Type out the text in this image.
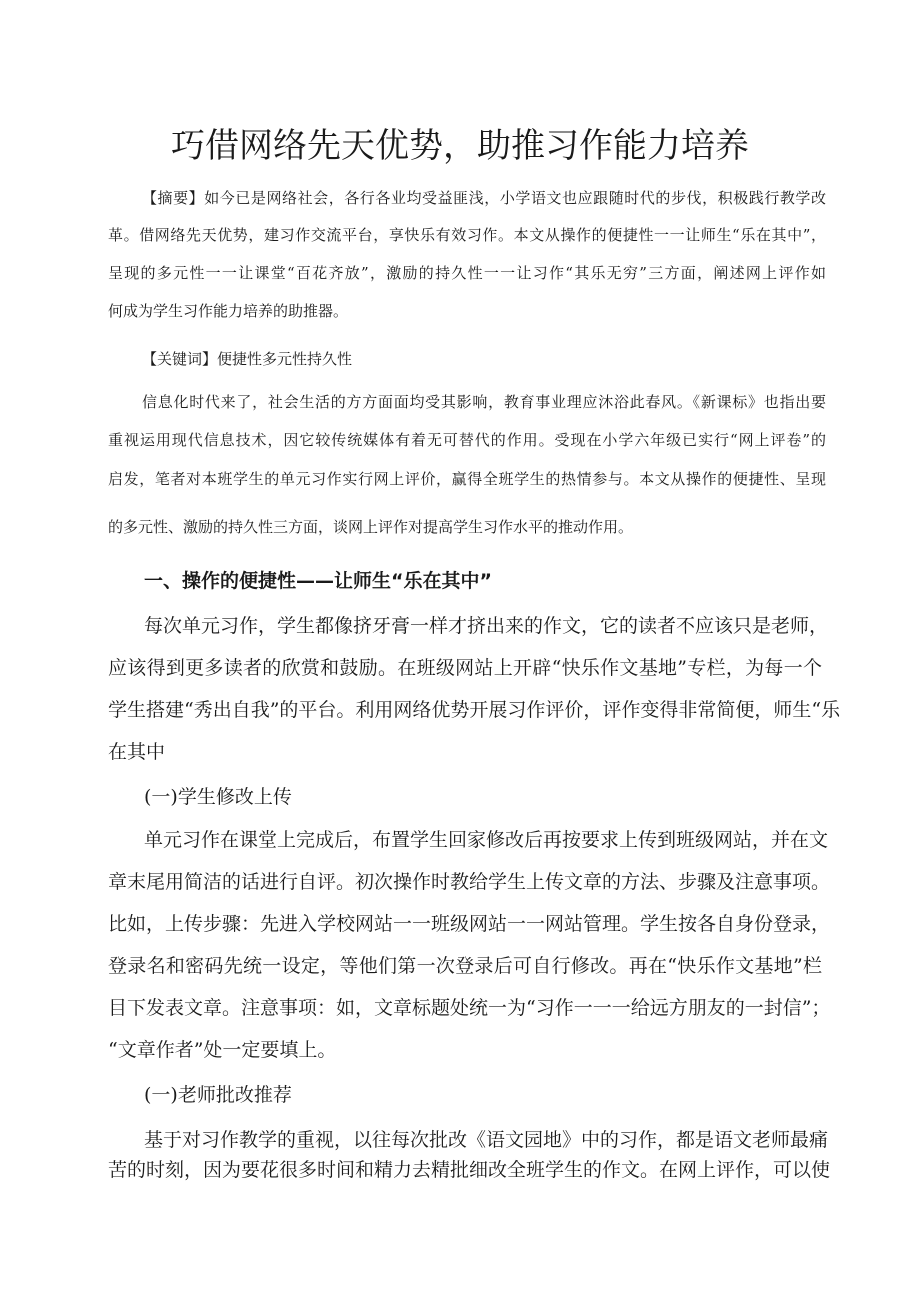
巧借网络先天优势，助推习作能力培养
【摘要】如今已是网络社会，各行各业均受益匪浅，小学语文也应跟随时代的步伐，积极践行教学改
革。借网络先天优势，建习作交流平台，享快乐有效习作。本文从操作的便捷性一一让师生“乐在其中”，
呈现的多元性一一让课堂“百花齐放”，激励的持久性一一让习作“其乐无穷”三方面，阐述网上评作如
何成为学生习作能力培养的助推器。
【关键词】便捷性多元性持久性
信息化时代来了，社会生活的方方面面均受其影响，教育事业理应沐浴此春风。《新课标》也指出要
重视运用现代信息技术，因它较传统媒体有着无可替代的作用。受现在小学六年级已实行“网上评卷”的
启发，笔者对本班学生的单元习作实行网上评价，赢得全班学生的热情参与。本文从操作的便捷性、呈现
的多元性、激励的持久性三方面，谈网上评作对提高学生习作水平的推动作用。
一、操作的便捷性——让师生“乐在其中”
每次单元习作，学生都像挤牙膏一样才挤出来的作文，它的读者不应该只是老师，
应该得到更多读者的欣赏和鼓励。在班级网站上开辟“快乐作文基地”专栏，为每一个
学生搭建“秀出自我”的平台。利用网络优势开展习作评价，评作变得非常简便，师生“乐
在其中
(一)学生修改上传
单元习作在课堂上完成后，布置学生回家修改后再按要求上传到班级网站，并在文
章末尾用简洁的话进行自评。初次操作时教给学生上传文章的方法、步骤及注意事项。
比如，上传步骤：先进入学校网站一一班级网站一一网站管理。学生按各自身份登录，
登录名和密码先统一设定，等他们第一次登录后可自行修改。再在“快乐作文基地”栏
目下发表文章。注意事项：如，文章标题处统一为“习作一一一给远方朋友的一封信”；
“文章作者”处一定要填上。
(一)老师批改推荐
基于对习作教学的重视，以往每次批改《语文园地》中的习作，都是语文老师最痛
苦的时刻，因为要花很多时间和精力去精批细改全班学生的作文。在网上评作，可以使
